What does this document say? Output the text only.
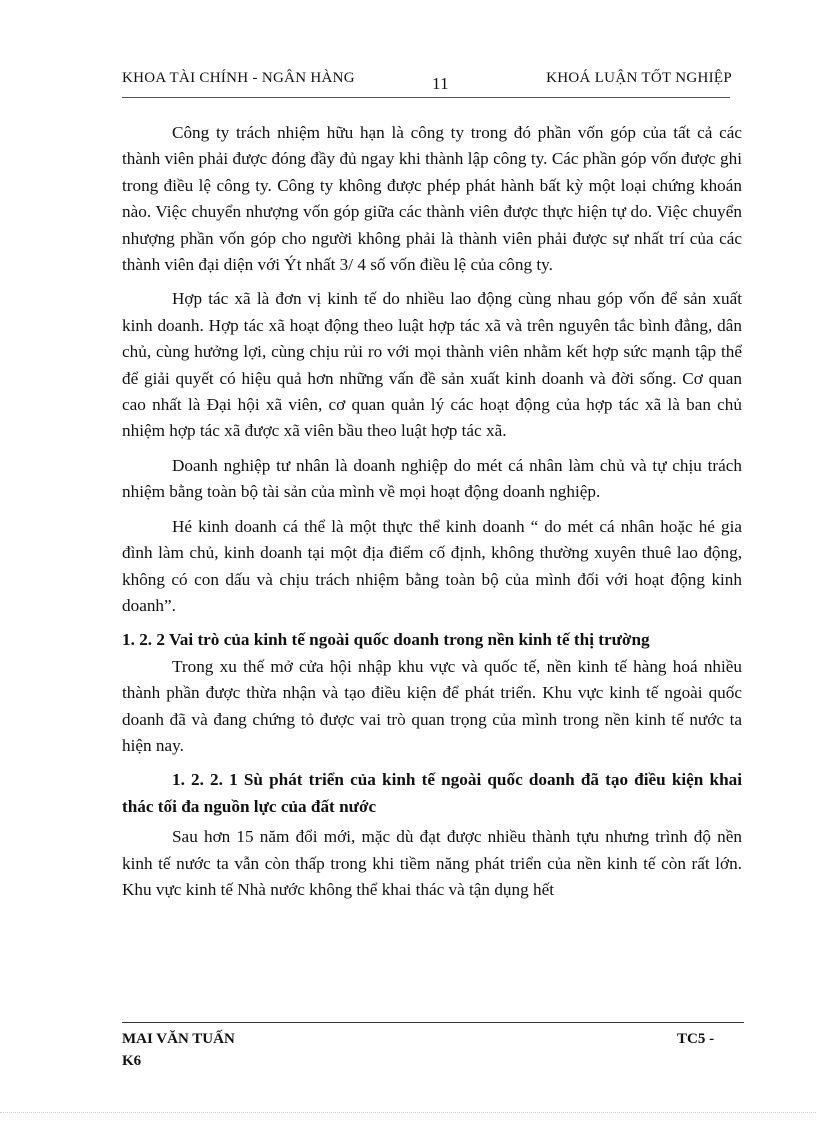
KHOA TÀI CHÍNH - NGÂN HÀNG	11	KHOÁ LUẬN TỐT NGHIỆP

Công ty trách nhiệm hữu hạn là công ty trong đó phần vốn góp của tất cả các thành viên phải được đóng đầy đủ ngay khi thành lập công ty. Các phần góp vốn được ghi trong điều lệ công ty. Công ty không được phép phát hành bất kỳ một loại chứng khoán nào. Việc chuyển nhượng vốn góp giữa các thành viên được thực hiện tự do. Việc chuyển nhượng phần vốn góp cho người không phải là thành viên phải được sự nhất trí của các thành viên đại diện với Ýt nhất 3/ 4 số vốn điều lệ của công ty.

Hợp tác xã là đơn vị kinh tế do nhiều lao động cùng nhau góp vốn để sản xuất kinh doanh. Hợp tác xã hoạt động theo luật hợp tác xã và trên nguyên tắc bình đẳng, dân chủ, cùng hưởng lợi, cùng chịu rủi ro với mọi thành viên nhằm kết hợp sức mạnh tập thể để giải quyết có hiệu quả hơn những vấn đề sản xuất kinh doanh và đời sống. Cơ quan cao nhất là Đại hội xã viên, cơ quan quản lý các hoạt động của hợp tác xã là ban chủ nhiệm hợp tác xã được xã viên bầu theo luật hợp tác xã.

Doanh nghiệp tư nhân là doanh nghiệp do mét cá nhân làm chủ và tự chịu trách nhiệm bằng toàn bộ tài sản của mình về mọi hoạt động doanh nghiệp.

Hé kinh doanh cá thể là một thực thể kinh doanh “ do mét cá nhân hoặc hé gia đình làm chủ, kinh doanh tại một địa điểm cố định, không thường xuyên thuê lao động, không có con dấu và chịu trách nhiệm bằng toàn bộ của mình đối với hoạt động kinh doanh”.

1. 2. 2 Vai trò của kinh tế ngoài quốc doanh trong nền kinh tế thị trường

Trong xu thế mở cửa hội nhập khu vực và quốc tế, nền kinh tế hàng hoá nhiều thành phần được thừa nhận và tạo điều kiện để phát triển. Khu vực kinh tế ngoài quốc doanh đã và đang chứng tỏ được vai trò quan trọng của mình trong nền kinh tế nước ta hiện nay.

1. 2. 2. 1 Sù phát triển của kinh tế ngoài quốc doanh đã tạo điều kiện khai thác tối đa nguồn lực của đất nước

Sau hơn 15 năm đổi mới, mặc dù đạt được nhiều thành tựu nhưng trình độ nền kinh tế nước ta vẫn còn thấp trong khi tiềm năng phát triển của nền kinh tế còn rất lớn. Khu vực kinh tế Nhà nước không thể khai thác và tận dụng hết

MAI VĂN TUẤN	TC5 -
K6
